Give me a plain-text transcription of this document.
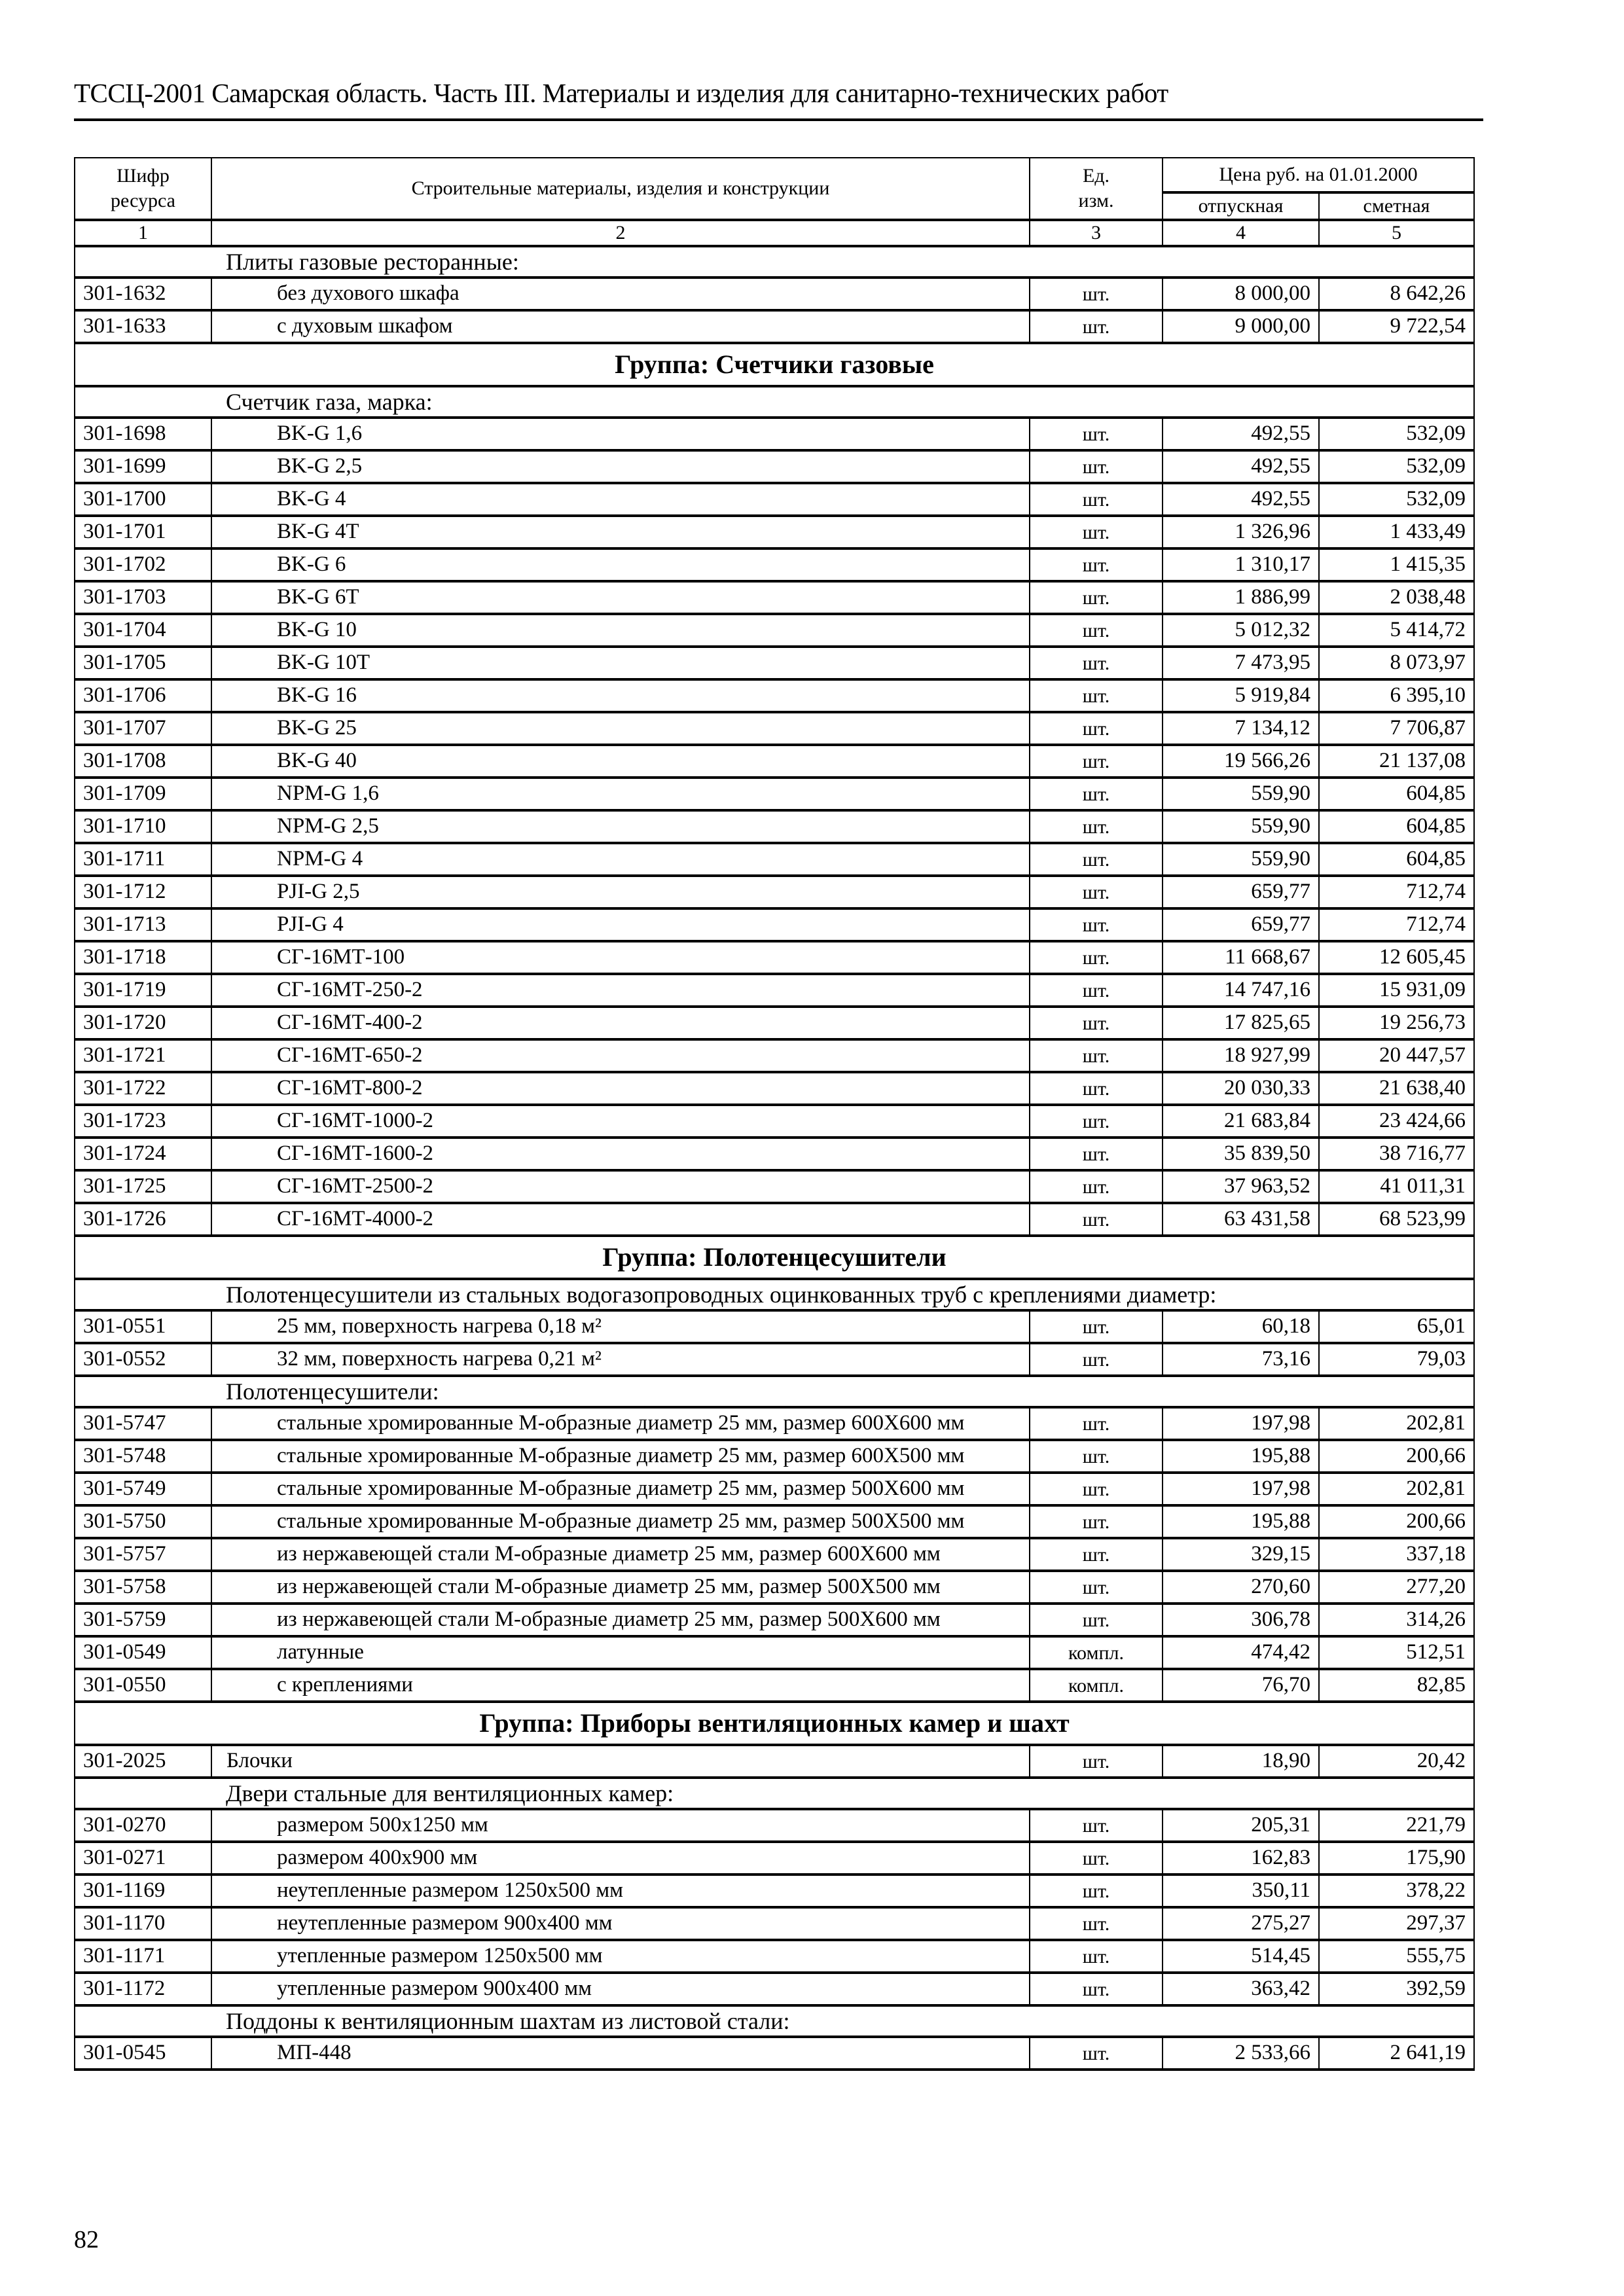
ТССЦ-2001 Самарская область. Часть III. Материалы и изделия для санитарно-технических работ
Шифр
ресурса	Строительные материалы, изделия и конструкции	Ед.
изм.	Цена руб. на 01.01.2000	
			отпускная	сметная
1	2	3	4	5
Плиты газовые ресторанные:				
301-1632	без духового шкафа	шт.	8 000,00	8 642,26
301-1633	с духовым шкафом	шт.	9 000,00	9 722,54
Группа: Счетчики газовые				
Счетчик газа, марка:				
301-1698	BK-G 1,6	шт.	492,55	532,09
301-1699	BK-G 2,5	шт.	492,55	532,09
301-1700	BK-G 4	шт.	492,55	532,09
301-1701	BK-G 4T	шт.	1 326,96	1 433,49
301-1702	BK-G 6	шт.	1 310,17	1 415,35
301-1703	BK-G 6T	шт.	1 886,99	2 038,48
301-1704	BK-G 10	шт.	5 012,32	5 414,72
301-1705	BK-G 10T	шт.	7 473,95	8 073,97
301-1706	BK-G 16	шт.	5 919,84	6 395,10
301-1707	BK-G 25	шт.	7 134,12	7 706,87
301-1708	BK-G 40	шт.	19 566,26	21 137,08
301-1709	NPM-G 1,6	шт.	559,90	604,85
301-1710	NPM-G 2,5	шт.	559,90	604,85
301-1711	NPM-G 4	шт.	559,90	604,85
301-1712	PJI-G 2,5	шт.	659,77	712,74
301-1713	PJI-G 4	шт.	659,77	712,74
301-1718	СГ-16МТ-100	шт.	11 668,67	12 605,45
301-1719	СГ-16МТ-250-2	шт.	14 747,16	15 931,09
301-1720	СГ-16МТ-400-2	шт.	17 825,65	19 256,73
301-1721	СГ-16МТ-650-2	шт.	18 927,99	20 447,57
301-1722	СГ-16МТ-800-2	шт.	20 030,33	21 638,40
301-1723	СГ-16МТ-1000-2	шт.	21 683,84	23 424,66
301-1724	СГ-16МТ-1600-2	шт.	35 839,50	38 716,77
301-1725	СГ-16МТ-2500-2	шт.	37 963,52	41 011,31
301-1726	СГ-16МТ-4000-2	шт.	63 431,58	68 523,99
Группа: Полотенцесушители				
Полотенцесушители из стальных водогазопроводных оцинкованных труб с креплениями диаметр:				
301-0551	25 мм, поверхность нагрева 0,18 м²	шт.	60,18	65,01
301-0552	32 мм, поверхность нагрева 0,21 м²	шт.	73,16	79,03
Полотенцесушители:				
301-5747	стальные хромированные М-образные диаметр 25 мм, размер 600Х600 мм	шт.	197,98	202,81
301-5748	стальные хромированные М-образные диаметр 25 мм, размер 600Х500 мм	шт.	195,88	200,66
301-5749	стальные хромированные М-образные диаметр 25 мм, размер 500Х600 мм	шт.	197,98	202,81
301-5750	стальные хромированные М-образные диаметр 25 мм, размер 500Х500 мм	шт.	195,88	200,66
301-5757	из нержавеющей стали М-образные диаметр 25 мм, размер 600Х600 мм	шт.	329,15	337,18
301-5758	из нержавеющей стали М-образные диаметр 25 мм, размер 500Х500 мм	шт.	270,60	277,20
301-5759	из нержавеющей стали М-образные диаметр 25 мм, размер 500Х600 мм	шт.	306,78	314,26
301-0549	латунные	компл.	474,42	512,51
301-0550	с креплениями	компл.	76,70	82,85
Группа: Приборы вентиляционных камер и шахт				
301-2025	Блочки	шт.	18,90	20,42
Двери стальные для вентиляционных камер:				
301-0270	размером 500x1250 мм	шт.	205,31	221,79
301-0271	размером 400x900 мм	шт.	162,83	175,90
301-1169	неутепленные размером 1250x500 мм	шт.	350,11	378,22
301-1170	неутепленные размером 900x400 мм	шт.	275,27	297,37
301-1171	утепленные размером 1250x500 мм	шт.	514,45	555,75
301-1172	утепленные размером 900x400 мм	шт.	363,42	392,59
Поддоны к вентиляционным шахтам из листовой стали:				
301-0545	МП-448	шт.	2 533,66	2 641,19
82
